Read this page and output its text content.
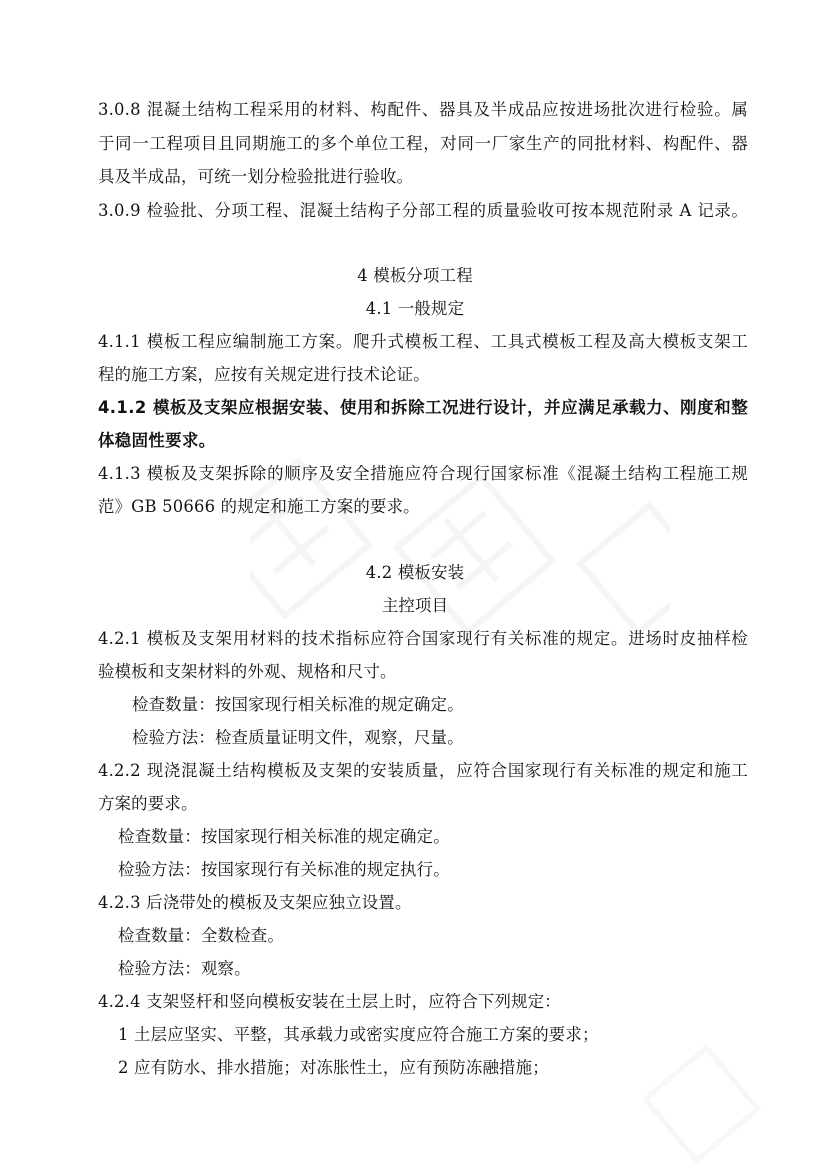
3.0.8 混凝土结构工程采用的材料、构配件、器具及半成品应按进场批次进行检验。属
于同一工程项目且同期施工的多个单位工程，对同一厂家生产的同批材料、构配件、器
具及半成品，可统一划分检验批进行验收。
3.0.9 检验批、分项工程、混凝土结构子分部工程的质量验收可按本规范附录 A 记录。
4 模板分项工程
4.1 一般规定
4.1.1 模板工程应编制施工方案。爬升式模板工程、工具式模板工程及高大模板支架工
程的施工方案，应按有关规定进行技术论证。
4.1.2 模板及支架应根据安装、使用和拆除工况进行设计，并应满足承载力、刚度和整
体稳固性要求。
4.1.3 模板及支架拆除的顺序及安全措施应符合现行国家标准《混凝土结构工程施工规
范》GB 50666 的规定和施工方案的要求。
4.2 模板安装
主控项目
4.2.1 模板及支架用材料的技术指标应符合国家现行有关标准的规定。进场时皮抽样检
验模板和支架材料的外观、规格和尺寸。
检查数量：按国家现行相关标准的规定确定。
检验方法：检查质量证明文件，观察，尺量。
4.2.2 现浇混凝土结构模板及支架的安装质量，应符合国家现行有关标准的规定和施工
方案的要求。
检查数量：按国家现行相关标准的规定确定。
检验方法：按国家现行有关标准的规定执行。
4.2.3 后浇带处的模板及支架应独立设置。
检查数量：全数检查。
检验方法：观察。
4.2.4 支架竖杆和竖向模板安装在土层上时，应符合下列规定：
1 土层应坚实、平整，其承载力或密实度应符合施工方案的要求；
2 应有防水、排水措施；对冻胀性土，应有预防冻融措施；
